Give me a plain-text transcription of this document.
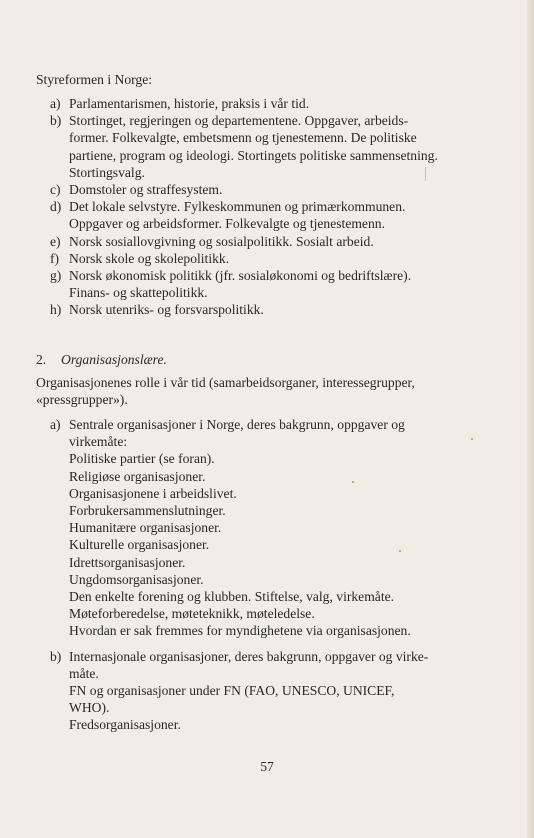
Styreformen i Norge:
a) Parlamentarismen, historie, praksis i vår tid.
b) Stortinget, regjeringen og departementene. Oppgaver, arbeids-
former. Folkevalgte, embetsmenn og tjenestemenn. De politiske
partiene, program og ideologi. Stortingets politiske sammensetning.
Stortingsvalg.
c) Domstoler og straffesystem.
d) Det lokale selvstyre. Fylkeskommunen og primærkommunen.
Oppgaver og arbeidsformer. Folkevalgte og tjenestemenn.
e) Norsk sosiallovgivning og sosialpolitikk. Sosialt arbeid.
f) Norsk skole og skolepolitikk.
g) Norsk økonomisk politikk (jfr. sosialøkonomi og bedriftslære).
Finans- og skattepolitikk.
h) Norsk utenriks- og forsvarspolitikk.
2. Organisasjonslære.
Organisasjonenes rolle i vår tid (samarbeidsorganer, interessegrupper,
«pressgrupper»).
a) Sentrale organisasjoner i Norge, deres bakgrunn, oppgaver og
virkemåte:
Politiske partier (se foran).
Religiøse organisasjoner.
Organisasjonene i arbeidslivet.
Forbrukersammenslutninger.
Humanitære organisasjoner.
Kulturelle organisasjoner.
Idrettsorganisasjoner.
Ungdomsorganisasjoner.
Den enkelte forening og klubben. Stiftelse, valg, virkemåte.
Møteforberedelse, møteteknikk, møteledelse.
Hvordan er sak fremmes for myndighetene via organisasjonen.
b) Internasjonale organisasjoner, deres bakgrunn, oppgaver og virke-
måte.
FN og organisasjoner under FN (FAO, UNESCO, UNICEF,
WHO).
Fredsorganisasjoner.
57
